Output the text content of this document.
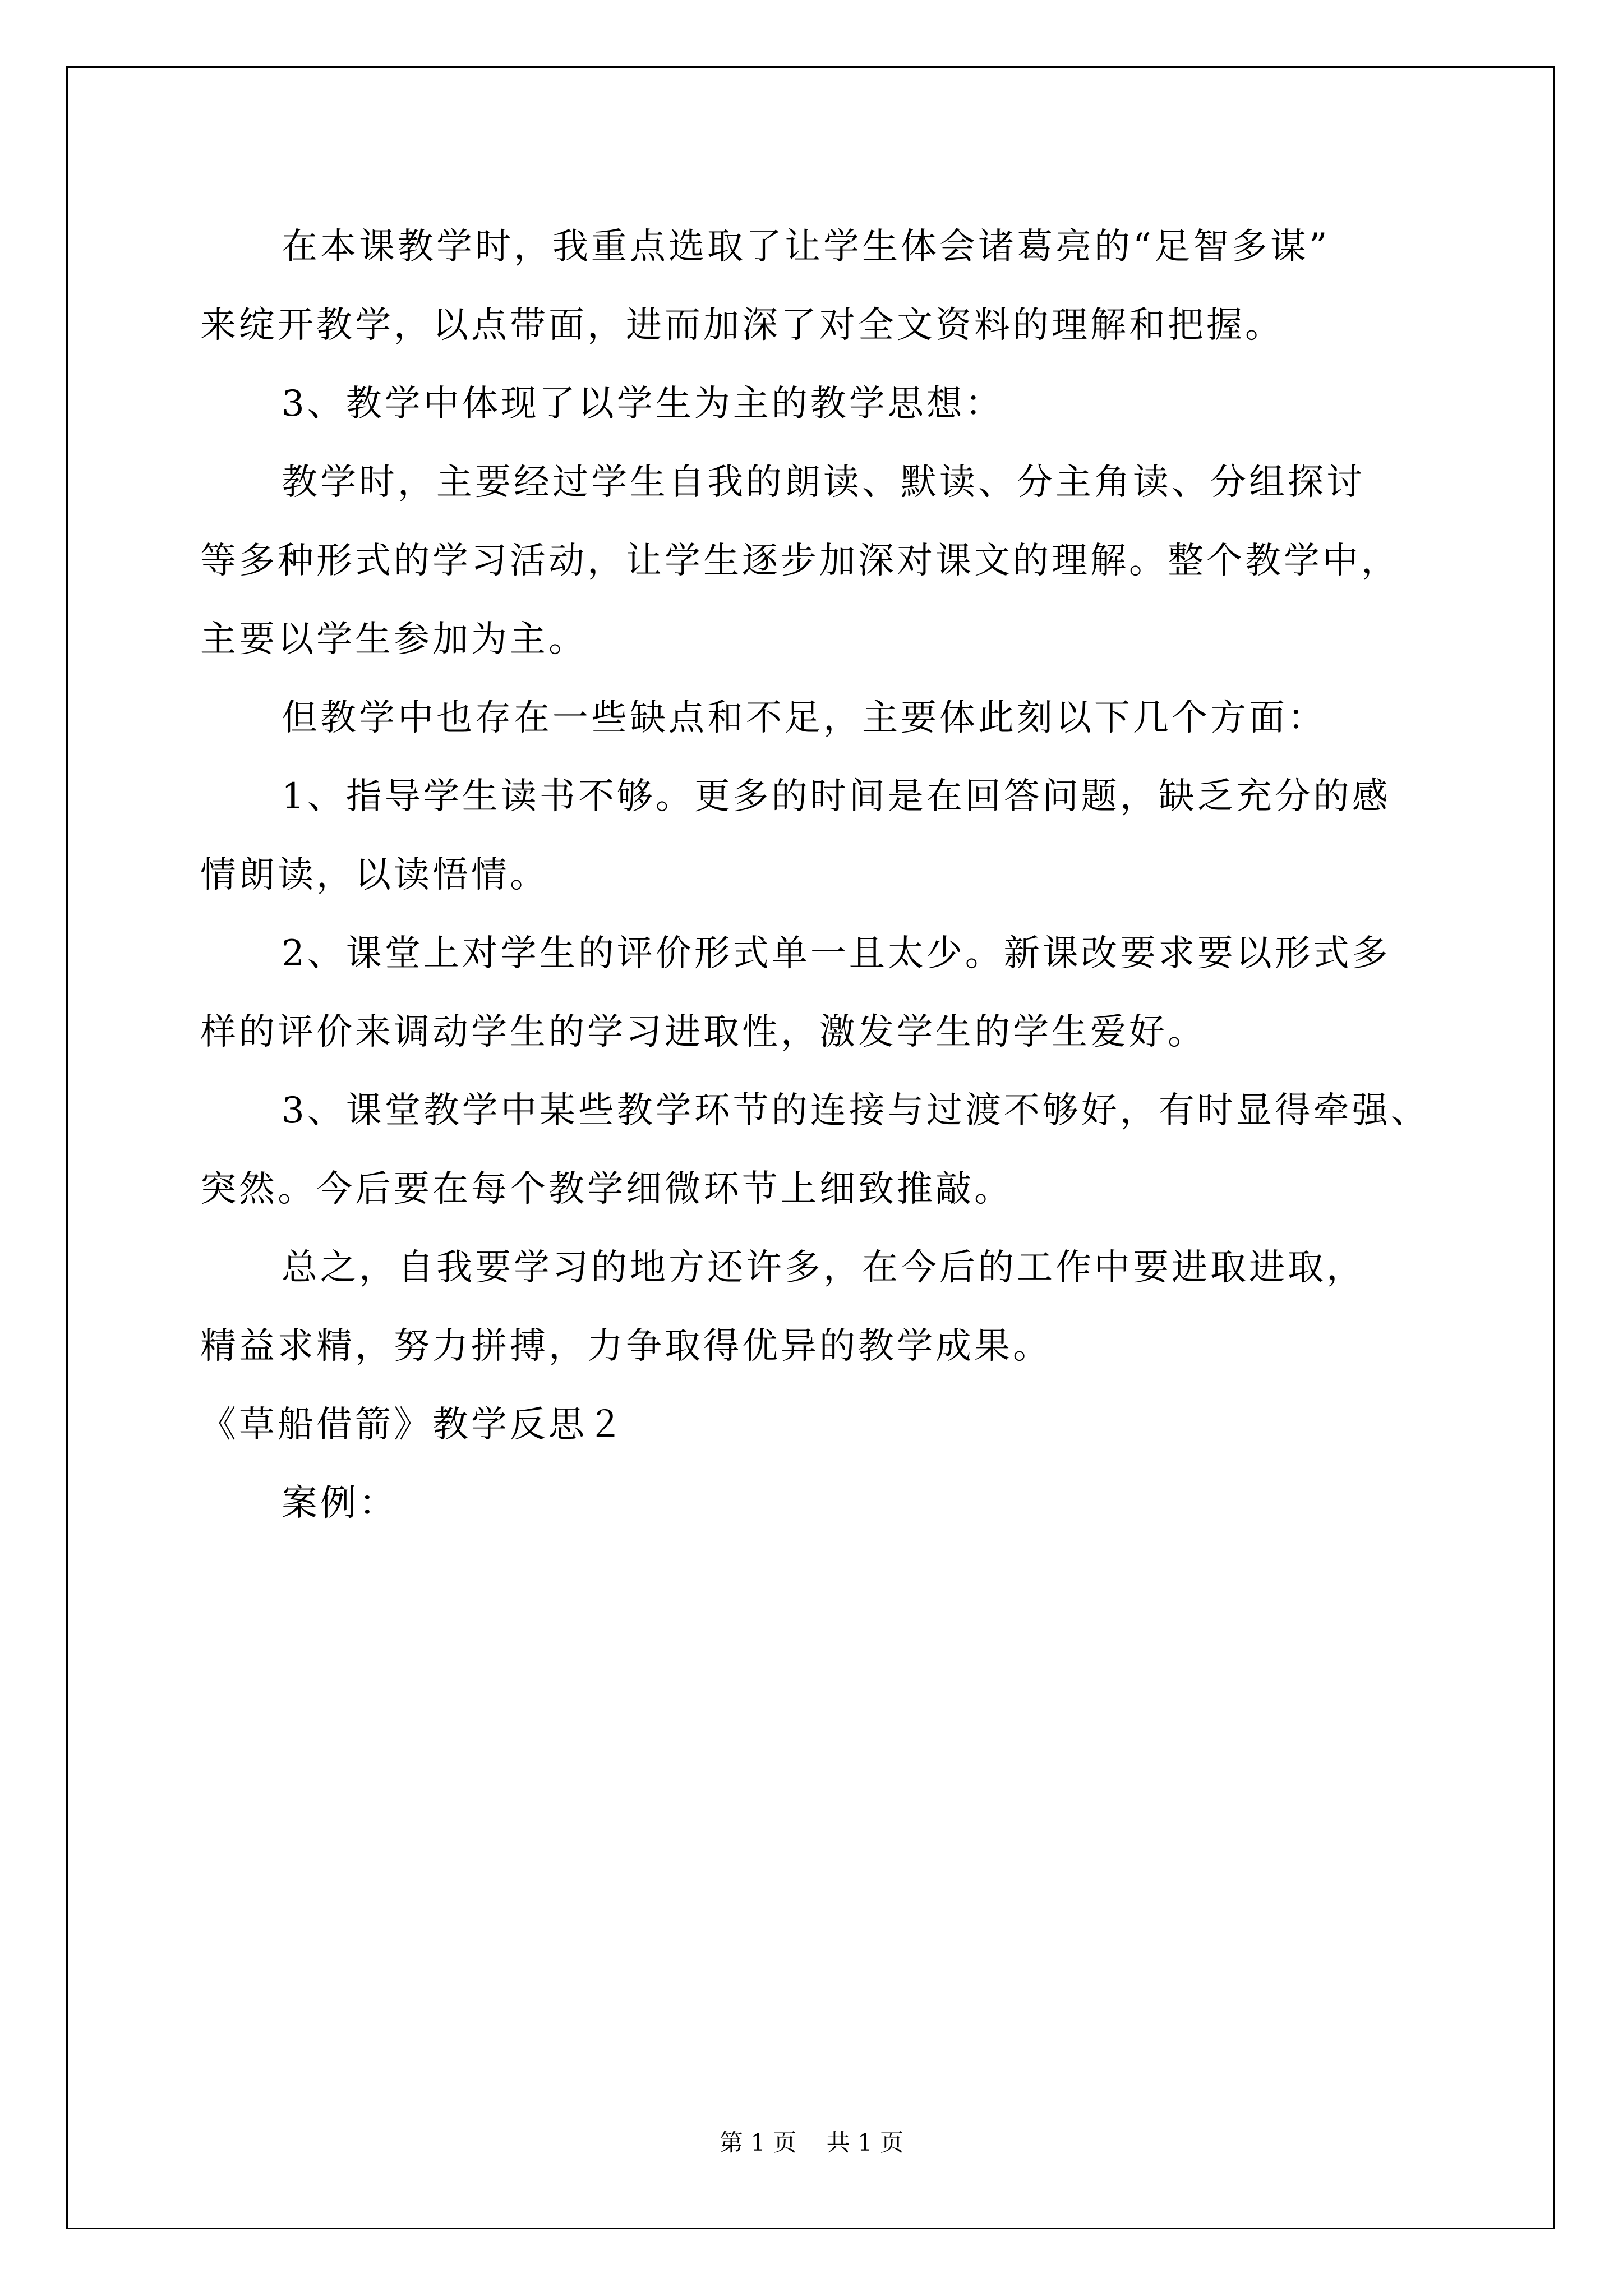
在本课教学时，我重点选取了让学生体会诸葛亮的“足智多谋”

来绽开教学，以点带面，进而加深了对全文资料的理解和把握。

3、教学中体现了以学生为主的教学思想：

教学时，主要经过学生自我的朗读、默读、分主角读、分组探讨

等多种形式的学习活动，让学生逐步加深对课文的理解。整个教学中，

主要以学生参加为主。

但教学中也存在一些缺点和不足，主要体此刻以下几个方面：

1、指导学生读书不够。更多的时间是在回答问题，缺乏充分的感

情朗读，以读悟情。

2、课堂上对学生的评价形式单一且太少。新课改要求要以形式多

样的评价来调动学生的学习进取性，激发学生的学生爱好。

3、课堂教学中某些教学环节的连接与过渡不够好，有时显得牵强、

突然。今后要在每个教学细微环节上细致推敲。

总之，自我要学习的地方还许多，在今后的工作中要进取进取，

精益求精，努力拼搏，力争取得优异的教学成果。

《草船借箭》教学反思２

案例：

第 1 页    共 1 页
